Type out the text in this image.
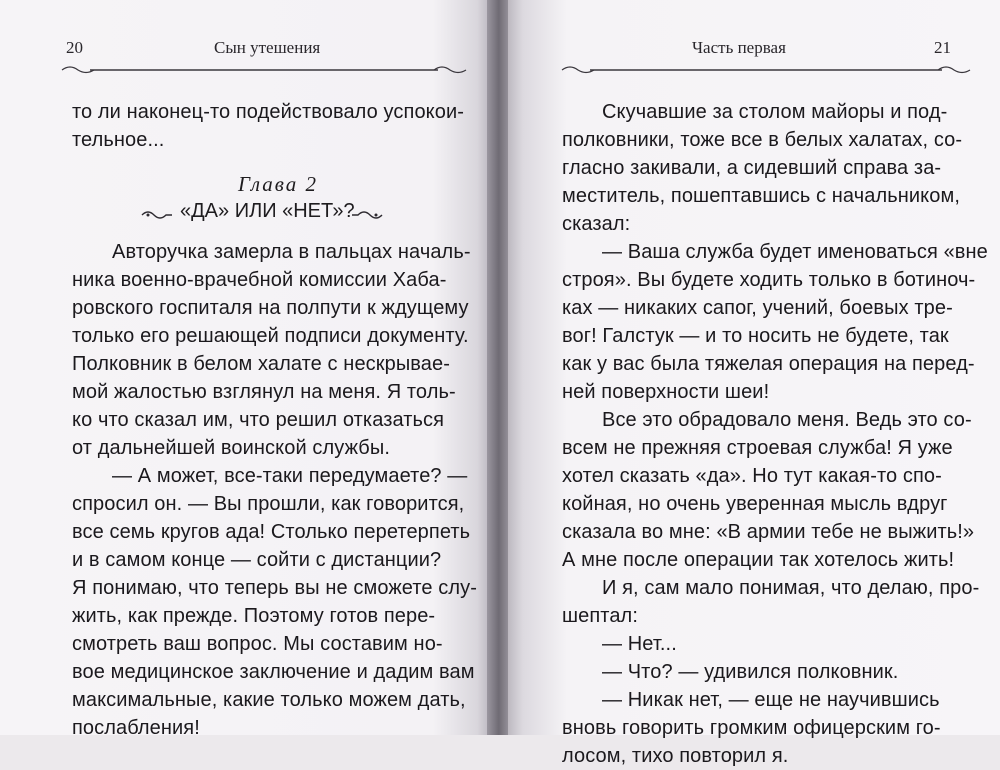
20	Сын утешения
то ли наконец-то подействовало успокои-
тельное...
Глава 2
«ДА» ИЛИ «НЕТ»?
Авторучка замерла в пальцах началь-
ника военно-врачебной комиссии Хаба-
ровского госпиталя на полпути к ждущему
только его решающей подписи документу.
Полковник в белом халате с нескрывае-
мой жалостью взглянул на меня. Я толь-
ко что сказал им, что решил отказаться
от дальнейшей воинской службы.
— А может, все-таки передумаете? —
спросил он. — Вы прошли, как говорится,
все семь кругов ада! Столько перетерпеть
и в самом конце — сойти с дистанции?
Я понимаю, что теперь вы не сможете слу-
жить, как прежде. Поэтому готов пере-
смотреть ваш вопрос. Мы составим но-
вое медицинское заключение и дадим вам
максимальные, какие только можем дать,
послабления!
Часть первая	21
Скучавшие за столом майоры и под-
полковники, тоже все в белых халатах, со-
гласно закивали, а сидевший справа за-
меститель, пошептавшись с начальником,
сказал:
— Ваша служба будет именоваться «вне
строя». Вы будете ходить только в ботиноч-
ках — никаких сапог, учений, боевых тре-
вог! Галстук — и то носить не будете, так
как у вас была тяжелая операция на перед-
ней поверхности шеи!
Все это обрадовало меня. Ведь это со-
всем не прежняя строевая служба! Я уже
хотел сказать «да». Но тут какая-то спо-
койная, но очень уверенная мысль вдруг
сказала во мне: «В армии тебе не выжить!»
А мне после операции так хотелось жить!
И я, сам мало понимая, что делаю, про-
шептал:
— Нет...
— Что? — удивился полковник.
— Никак нет, — еще не научившись
вновь говорить громким офицерским го-
лосом, тихо повторил я.
